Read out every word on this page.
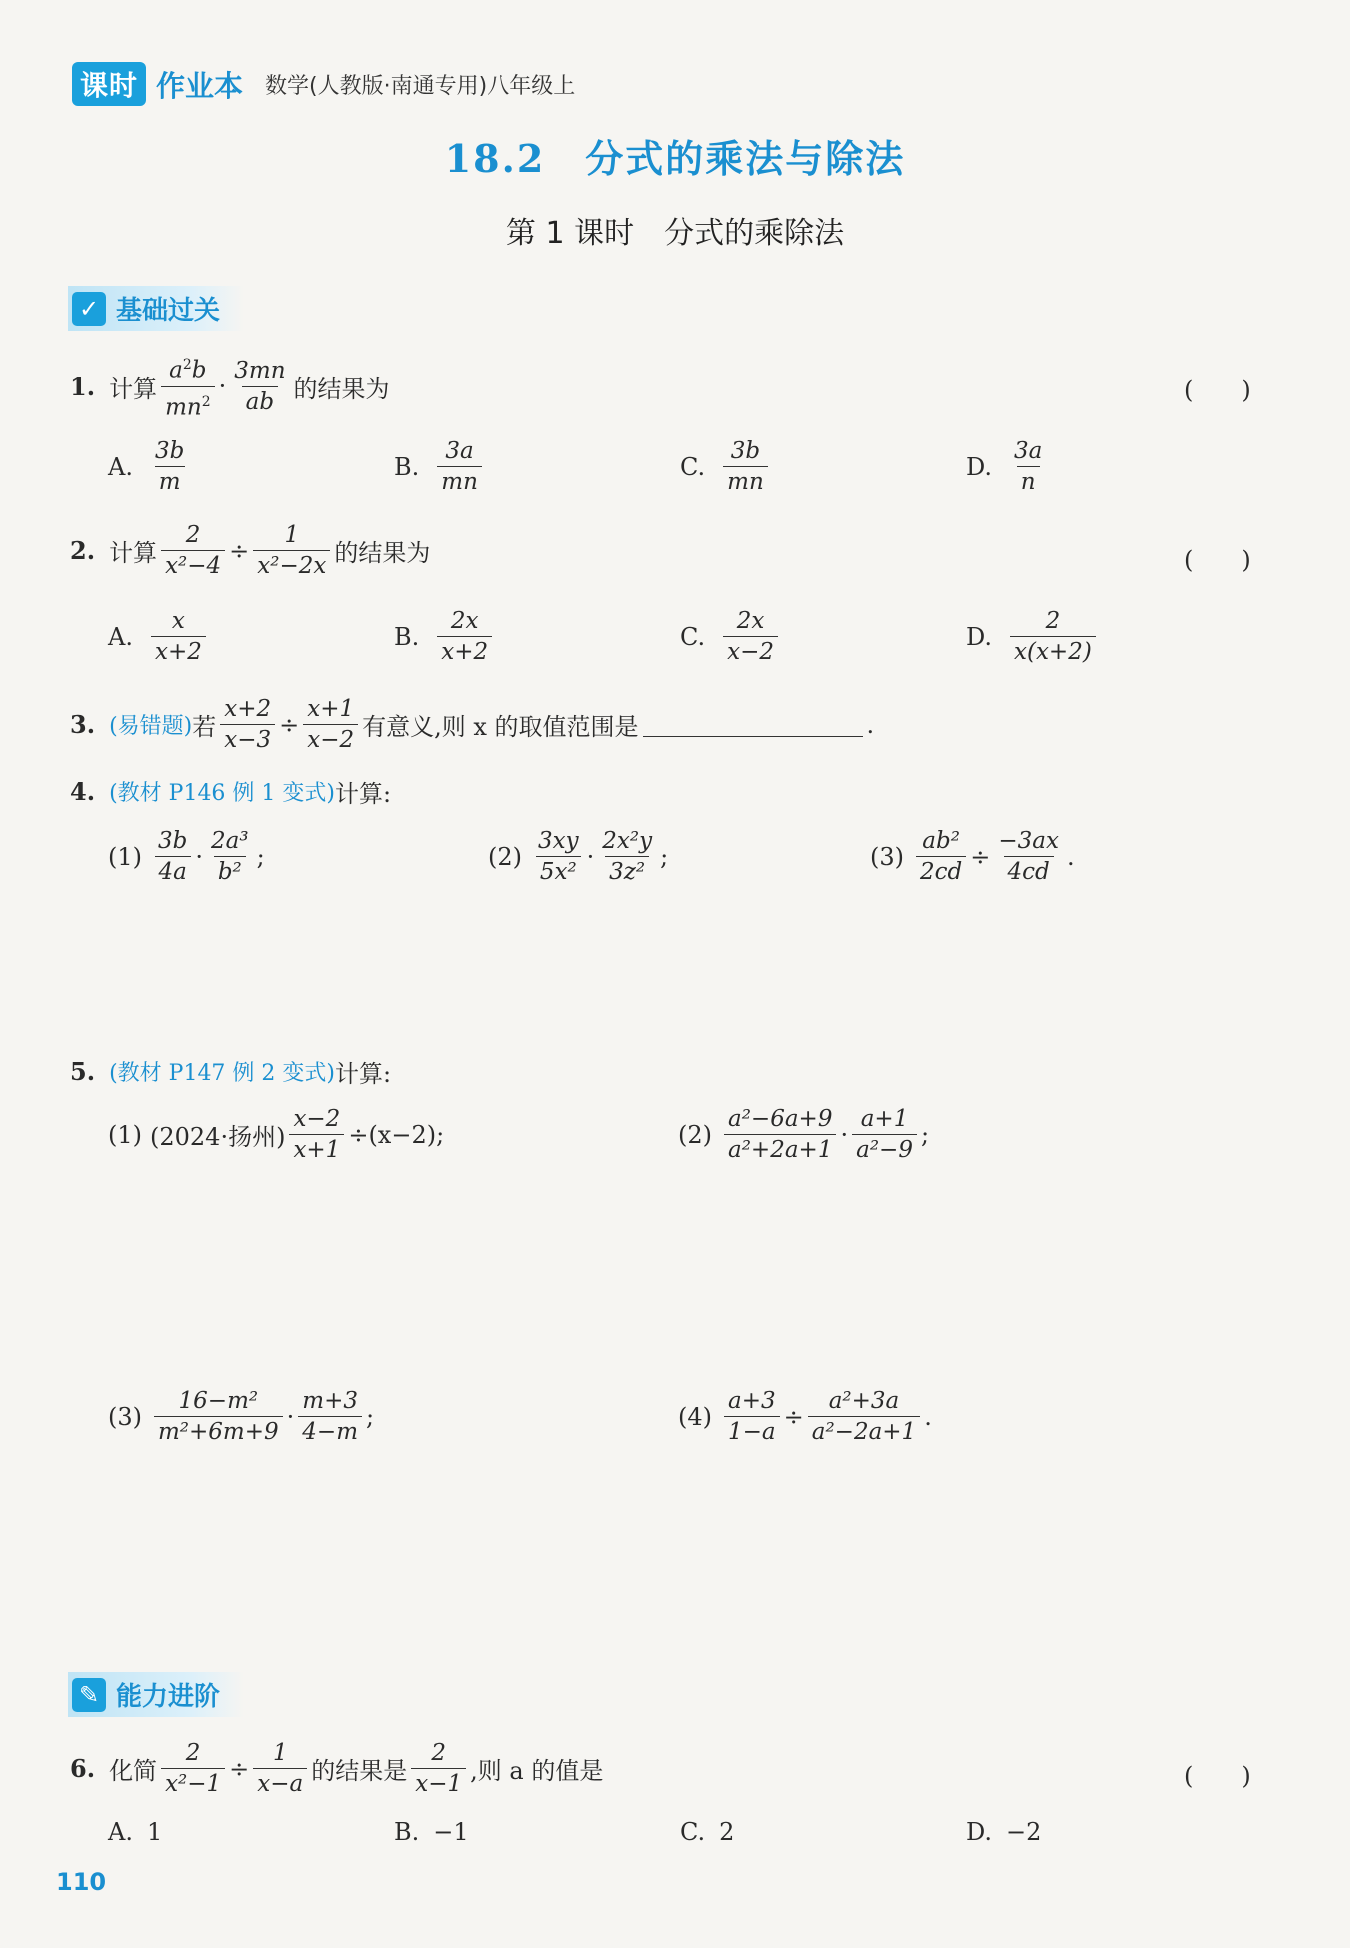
课时 作业本 数学(人教版·南通专用)八年级上
18.2　分式的乘法与除法
第 1 课时　分式的乘除法
✓ 基础过关
1. 计算 $\frac{a^2b}{mn^2} \cdot \frac{3mn}{ab}$ 的结果为	(　　)
A. $\frac{3b}{m}$	B. $\frac{3a}{mn}$	C. $\frac{3b}{mn}$	D. $\frac{3a}{n}$
2. 计算 $\frac{2}{\text{x²−4}} \div \frac{1}{\text{x²−2x}}$ 的结果为	(　　)
A. $\frac{x}{x+2}$	B. $\frac{2x}{x+2}$	C. $\frac{2x}{x-2}$	D. $\frac{2}{x(x+2)}$
3. (易错题) 若 $\frac{x+2}{x-3} \div \frac{x+1}{x-2}$ 有意义,则 x 的取值范围是	.
4. (教材 P146 例 1 变式) 计算:
$(1) \frac{3b}{4a} \cdot \frac{\text{2a³}}{\text{b²}}$ ;	$(2) \frac{3xy}{\text{5x²}} \cdot \frac{\text{2x²y}}{\text{3z²}}$ ;	$(3) \frac{\text{ab²}}{2cd} \div \frac{-3ax}{4cd}$ .
5. (教材 P147 例 2 变式) 计算:
(1) (2024·扬州) $\frac{x-2}{x+1} \div(x-2)$;	$(2) \frac{\text{a²−6a+9}}{\text{a²+2a+1}} \cdot \frac{a+1}{\text{a²−9}}$ ;
$(3) \frac{\text{16−m²}}{\text{m²+6m+9}} \cdot \frac{m+3}{4-m}$ ;	$(4) \frac{a+3}{1-a} \div \frac{\text{a²+3a}}{\text{a²−2a+1}}$ .
✎ 能力进阶
6. 化简 $\frac{2}{\text{x²−1}} \div \frac{1}{x-a}$ 的结果是 $\frac{2}{x-1}$ ,则 a 的值是	(　　)
A. 1	B. −1	C. 2	D. −2
110
